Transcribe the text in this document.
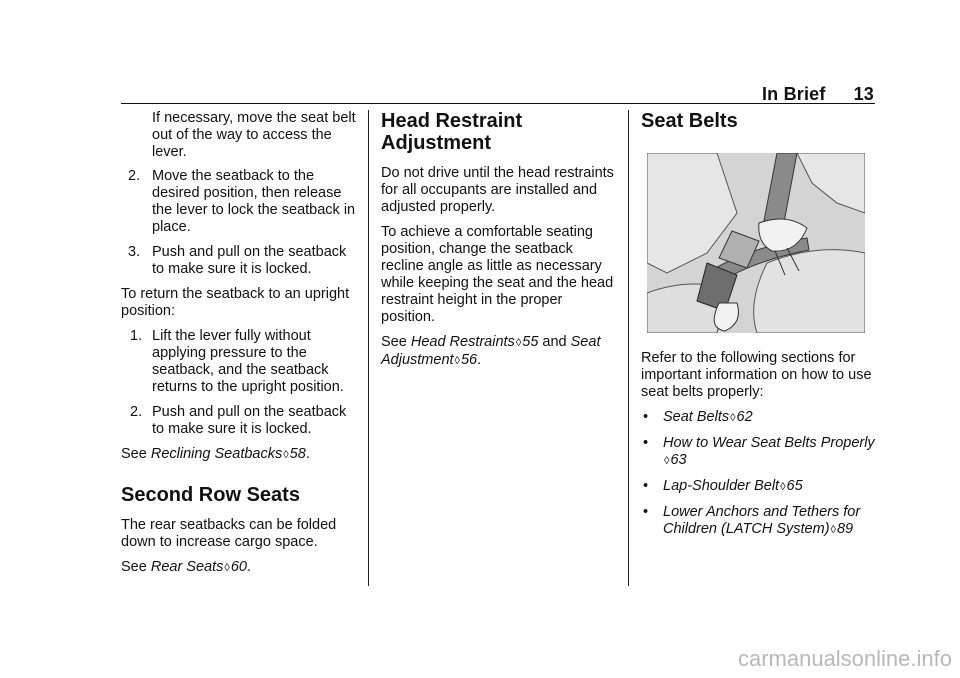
In Brief 13
If necessary, move the seat belt out of the way to access the lever.
2. Move the seatback to the desired position, then release the lever to lock the seatback in place.
3. Push and pull on the seatback to make sure it is locked.

To return the seatback to an upright position:

1. Lift the lever fully without applying pressure to the seatback, and the seatback returns to the upright position.
2. Push and pull on the seatback to make sure it is locked.

See Reclining Seatbacks◊58.

Second Row Seats

The rear seatbacks can be folded down to increase cargo space.

See Rear Seats◊60.

Head Restraint Adjustment

Do not drive until the head restraints for all occupants are installed and adjusted properly.

To achieve a comfortable seating position, change the seatback recline angle as little as necessary while keeping the seat and the head restraint height in the proper position.

See Head Restraints◊55 and Seat Adjustment◊56.

Seat Belts

Refer to the following sections for important information on how to use seat belts properly:

• Seat Belts◊62
• How to Wear Seat Belts Properly
◊63
• Lap-Shoulder Belt◊65
• Lower Anchors and Tethers for Children (LATCH System)◊89
carmanualsonline.info
